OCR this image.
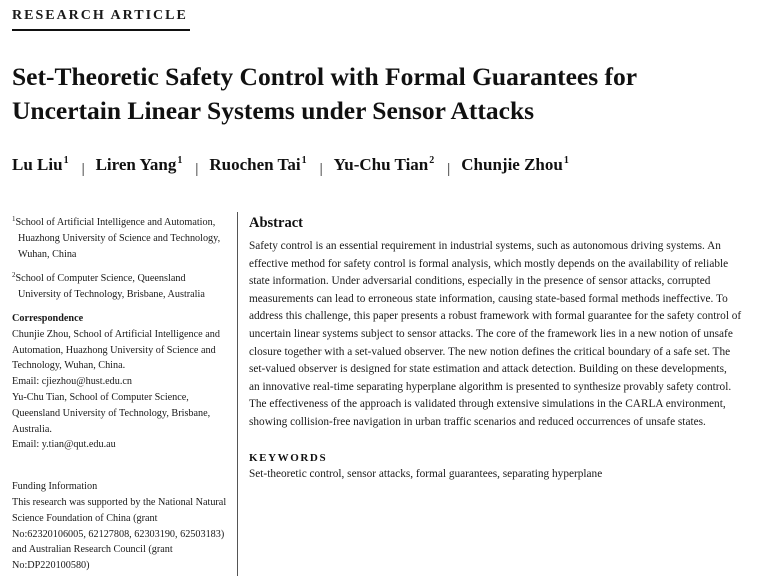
RESEARCH ARTICLE
Set-Theoretic Safety Control with Formal Guarantees for
Uncertain Linear Systems under Sensor Attacks
Lu Liu$^1$| Liren Yang$^1$| Ruochen Tai$^1$| Yu-Chu Tian$^2$| Chunjie Zhou$^1$
$^1$School of Artificial Intelligence and Automation,
Huazhong University of Science and Technology,
Wuhan, China
$^2$School of Computer Science, Queensland
University of Technology, Brisbane, Australia
Correspondence
Chunjie Zhou, School of Artificial Intelligence and
Automation, Huazhong University of Science and
Technology, Wuhan, China.
Email: cjiezhou@hust.edu.cn
Yu-Chu Tian, School of Computer Science,
Queensland University of Technology, Brisbane,
Australia.
Email: y.tian@qut.edu.au
Funding Information
This research was supported by the National Natural
Science Foundation of China (grant
No:62320106005, 62127808, 62303190, 62503183)
and Australian Research Council (grant
No:DP220100580)
Abstract
Safety control is an essential requirement in industrial systems, such as autonomous driving systems. An
effective method for safety control is formal analysis, which mostly depends on the availability of reliable
state information. Under adversarial conditions, especially in the presence of sensor attacks, corrupted
measurements can lead to erroneous state information, causing state-based formal methods ineffective. To
address this challenge, this paper presents a robust framework with formal guarantee for the safety control of
uncertain linear systems subject to sensor attacks. The core of the framework lies in a new notion of unsafe
closure together with a set-valued observer. The new notion defines the critical boundary of a safe set. The
set-valued observer is designed for state estimation and attack detection. Building on these developments,
an innovative real-time separating hyperplane algorithm is presented to synthesize provably safety control.
The effectiveness of the approach is validated through extensive simulations in the CARLA environment,
showing collision-free navigation in urban traffic scenarios and reduced occurrences of unsafe states.
KEYWORDS
Set-theoretic control, sensor attacks, formal guarantees, separating hyperplane
